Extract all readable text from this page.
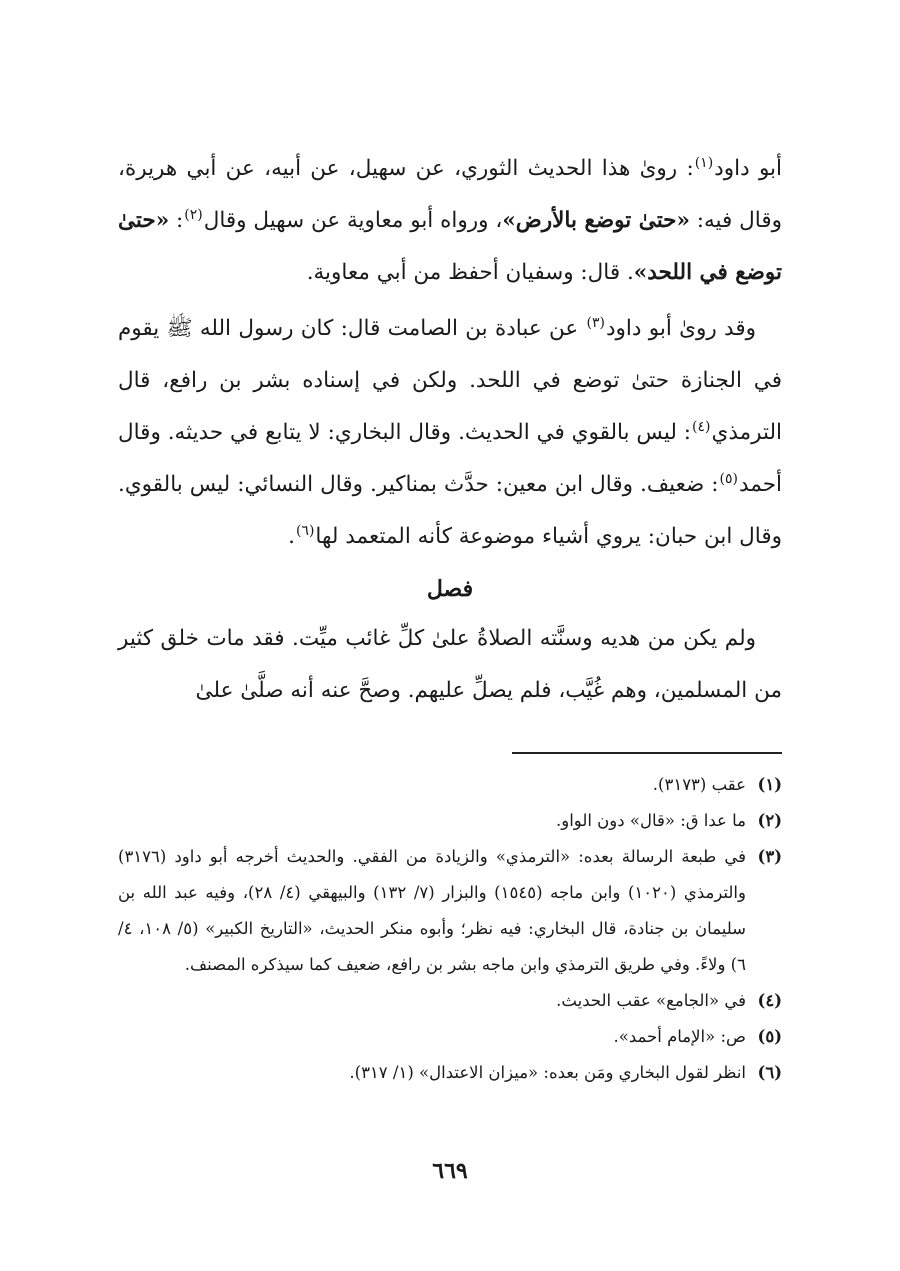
أبو داود$^{(١)}$: روىٰ هذا الحديث الثوري، عن سهيل، عن أبيه، عن أبي هريرة، وقال فيه: «حتىٰ توضع بالأرض»، ورواه أبو معاوية عن سهيل وقال$^{(٢)}$: «حتىٰ توضع في اللحد». قال: وسفيان أحفظ من أبي معاوية.

وقد روىٰ أبو داود$^{(٣)}$ عن عبادة بن الصامت قال: كان رسول الله ﷺ يقوم في الجنازة حتىٰ توضع في اللحد. ولكن في إسناده بشر بن رافع، قال الترمذي$^{(٤)}$: ليس بالقوي في الحديث. وقال البخاري: لا يتابع في حديثه. وقال أحمد$^{(٥)}$: ضعيف. وقال ابن معين: حدَّث بمناكير. وقال النسائي: ليس بالقوي. وقال ابن حبان: يروي أشياء موضوعة كأنه المتعمد لها$^{(٦)}$.

فصل

ولم يكن من هديه وسنَّته الصلاةُ علىٰ كلِّ غائب ميِّت. فقد مات خلق كثير من المسلمين، وهم غُيَّب، فلم يصلِّ عليهم. وصحَّ عنه أنه صلَّىٰ علىٰ

(١)
عقب (٣١٧٣).
(٢)
ما عدا ق: «قال» دون الواو.
(٣)
في طبعة الرسالة بعده: «الترمذي» والزيادة من الفقي. والحديث أخرجه أبو داود (٣١٧٦) والترمذي (١٠٢٠) وابن ماجه (١٥٤٥) والبزار (٧/ ١٣٢) والبيهقي (٤/ ٢٨)، وفيه عبد الله بن سليمان بن جنادة، قال البخاري: فيه نظر؛ وأبوه منكر الحديث، «التاريخ الكبير» (٥/ ١٠٨، ٤/ ٦) ولاءً. وفي طريق الترمذي وابن ماجه بشر بن رافع، ضعيف كما سيذكره المصنف.
(٤)
في «الجامع» عقب الحديث.
(٥)
ص: «الإمام أحمد».
(٦)
انظر لقول البخاري ومَن بعده: «ميزان الاعتدال» (١/ ٣١٧).
٦٦٩
